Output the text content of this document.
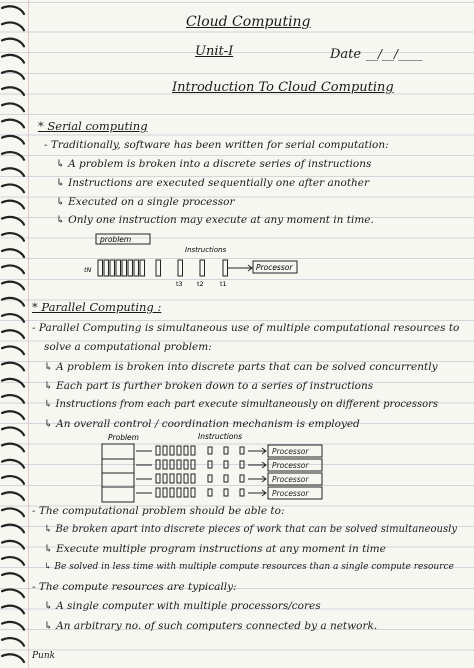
Cloud Computing
Unit-I	Date __/__/____
Introduction To Cloud Computing
* Serial computing
- Traditionally, software has been written for serial computation:
↳ A problem is broken into a discrete series of instructions
↳ Instructions are executed sequentially one after another
↳ Executed on a single processor
↳ Only one instruction may execute at any moment in time.
problem
Instructions
tN	Processor
t3 t2	t1
* Parallel Computing :
- Parallel Computing is simultaneous use of multiple computational resources to
solve a computational problem:
↳ A problem is broken into discrete parts that can be solved concurrently
↳ Each part is further broken down to a series of instructions
↳ Instructions from each part execute simultaneously on different processors
↳ An overall control / coordination mechanism is employed
Problem	Instructions
Processor
Processor
Processor
Processor
- The computational problem should be able to:
↳ Be broken apart into discrete pieces of work that can be solved simultaneously
↳ Execute multiple program instructions at any moment in time
↳ Be solved in less time with multiple compute resources than a single compute resource
- The compute resources are typically:
↳ A single computer with multiple processors/cores
↳ An arbitrary no. of such computers connected by a network.
Punk
